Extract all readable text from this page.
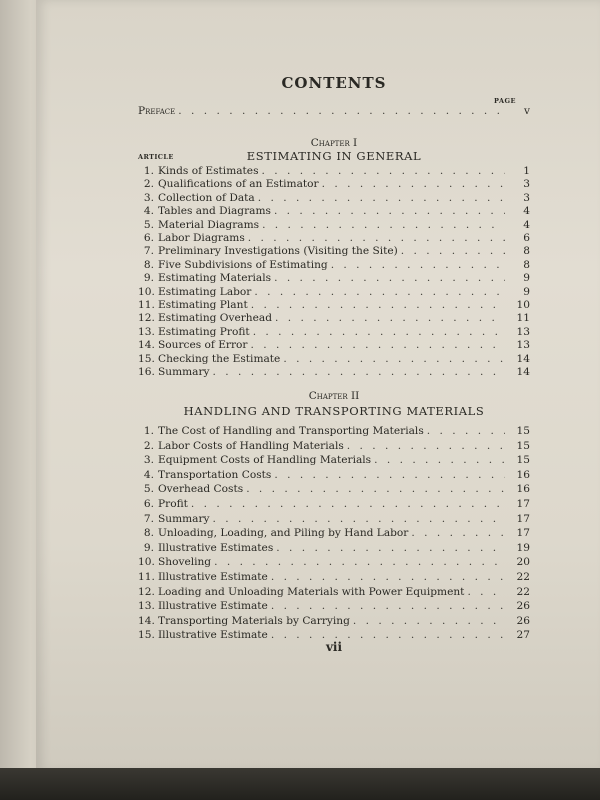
CONTENTS
PAGE
Preface . . .	v
Chapter I
ARTICLE	ESTIMATING IN GENERAL
1. Kinds of Estimates . . .	1
2. Qualifications of an Estimator . . .	3
3. Collection of Data . . .	3
4. Tables and Diagrams . . .	4
5. Material Diagrams . . .	4
6. Labor Diagrams . . .	6
7. Preliminary Investigations (Visiting the Site) . . .	8
8. Five Subdivisions of Estimating . . .	8
9. Estimating Materials . . .	9
10. Estimating Labor . . .	9
11. Estimating Plant . . .	10
12. Estimating Overhead . . .	11
13. Estimating Profit . . .	13
14. Sources of Error . . .	13
15. Checking the Estimate . . .	14
16. Summary . . .	14
Chapter II
HANDLING AND TRANSPORTING MATERIALS
1. The Cost of Handling and Transporting Materials . . .	15
2. Labor Costs of Handling Materials . . .	15
3. Equipment Costs of Handling Materials . . .	15
4. Transportation Costs . . .	16
5. Overhead Costs . . .	16
6. Profit . . .	17
7. Summary . . .	17
8. Unloading, Loading, and Piling by Hand Labor . . .	17
9. Illustrative Estimates . . .	19
10. Shoveling . . .	20
11. Illustrative Estimate . . .	22
12. Loading and Unloading Materials with Power Equipment . . .	22
13. Illustrative Estimate . . .	26
14. Transporting Materials by Carrying . . .	26
15. Illustrative Estimate . . .	27
vii
